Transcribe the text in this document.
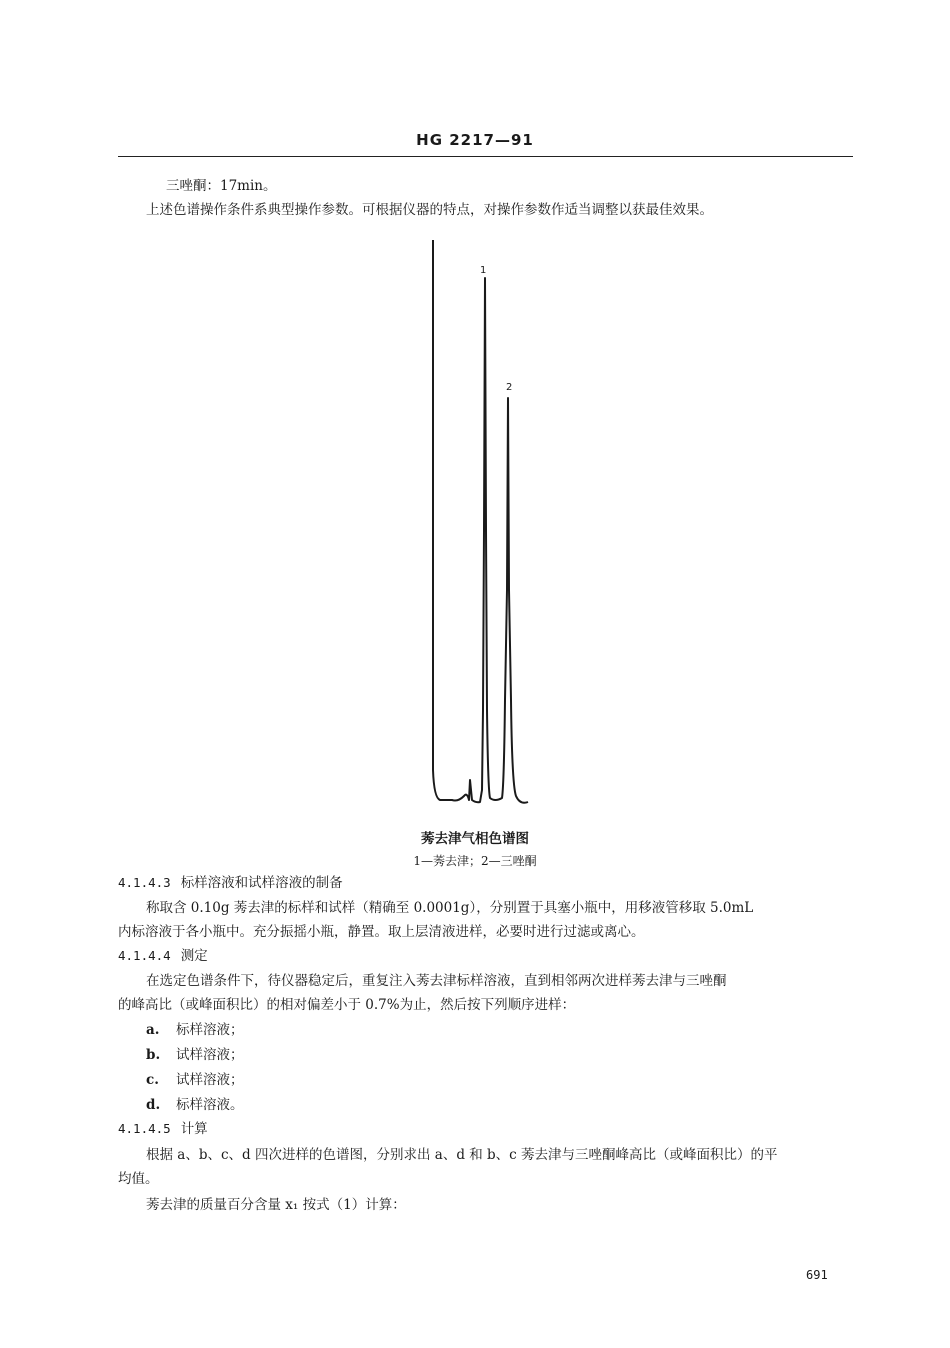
HG 2217—91
三唑酮：17min。
上述色谱操作条件系典型操作参数。可根据仪器的特点，对操作参数作适当调整以获最佳效果。
1
2
莠去津气相色谱图
1—莠去津；2—三唑酮
4.1.4.3 标样溶液和试样溶液的制备
称取含 0.10g 莠去津的标样和试样（精确至 0.0001g），分别置于具塞小瓶中，用移液管移取 5.0mL
内标溶液于各小瓶中。充分振摇小瓶，静置。取上层清液进样，必要时进行过滤或离心。
4.1.4.4 测定
在选定色谱条件下，待仪器稳定后，重复注入莠去津标样溶液，直到相邻两次进样莠去津与三唑酮
的峰高比（或峰面积比）的相对偏差小于 0.7%为止，然后按下列顺序进样：
a. 标样溶液；
b. 试样溶液；
c. 试样溶液；
d. 标样溶液。
4.1.4.5 计算
根据 a、b、c、d 四次进样的色谱图，分别求出 a、d 和 b、c 莠去津与三唑酮峰高比（或峰面积比）的平
均值。
莠去津的质量百分含量 x₁ 按式（1）计算：
691
